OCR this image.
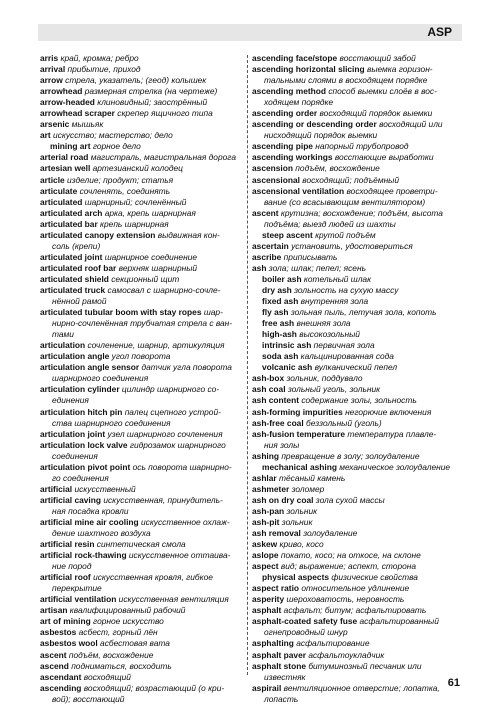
ASP
arris край, кромка; ребро
arrival прибытие, приход
arrow стрела, указатель; (геод) колышек
arrowhead размерная стрелка (на чертеже)
arrow-headed клиновидный; заострённый
arrowhead scraper скрепер ящичного типа
arsenic мышьяк
art искусство; мастерство; дело
mining art горное дело
arterial road магистраль, магистральная дорога
artesian well артезианский колодец
article изделие; продукт; статья
articulate сочленять, соединять
articulated шарнирный; сочленённый
articulated arch арка, крепь шарнирная
articulated bar крепь шарнирная
articulated canopy extension выдвижная кон-
соль (крепи)
articulated joint шарнирное соединение
articulated roof bar верхняк шарнирный
articulated shield секционный щит
articulated truck самосвал с шарнирно-сочле-
нённой рамой
articulated tubular boom with stay ropes шар-
нирно-сочленённая трубчатая стрела с ван-
тами
articulation сочленение, шарнир, артикуляция
articulation angle угол поворота
articulation angle sensor датчик угла поворота
шарнирного соединения
articulation cylinder цилиндр шарнирного со-
единения
articulation hitch pin палец сцепного устрой-
ства шарнирного соединения
articulation joint узел шарнирного сочленения
articulation lock valve гидрозамок шарнирного
соединения
articulation pivot point ось поворота шарнирно-
го соединения
artificial искусственный
artificial caving искусственная, принудитель-
ная посадка кровли
artificial mine air cooling искусственное охлаж-
дение шахтного воздуха
artificial resin синтетическая смола
artificial rock-thawing искусственное оттаива-
ние пород
artificial roof искусственная кровля, гибкое
перекрытие
artificial ventilation искусственная вентиляция
artisan квалифицированный рабочий
art of mining горное искусство
asbestos асбест, горный лён
asbestos wool асбестовая вата
ascent подъём, восхождение
ascend подниматься, восходить
ascendant восходящий
ascending восходящий; возрастающий (о кри-
вой); восстающий
ascending face/stope восстающий забой
ascending horizontal slicing выемка горизон-
тальными слоями в восходящем порядке
ascending method способ выемки слоёв в вос-
ходящем порядке
ascending order восходящий порядок выемки
ascending or descending order восходящий или
нисходящий порядок выемки
ascending pipe напорный трубопровод
ascending workings восстающие выработки
ascension подъём, восхождение
ascensional восходящий; подъёмный
ascensional ventilation восходящее проветри-
вание (со всасывающим вентилятором)
ascent крутизна; восхождение; подъём, высота
подъёма; выезд людей из шахты
steep ascent крутой подъём
ascertain установить, удостовериться
ascribe приписывать
ash зола; шлак; пепел; ясень
boiler ash котельный шлак
dry ash зольность на сухую массу
fixed ash внутренняя зола
fly ash зольная пыль, летучая зола, копоть
free ash внешняя зола
high-ash высокозольный
intrinsic ash первичная зола
soda ash кальцинированная сода
volcanic ash вулканический пепел
ash-box зольник, поддувало
ash coal зольный уголь, зольник
ash content содержание золы, зольность
ash-forming impurities негорючие включения
ash-free coal беззольный (уголь)
ash-fusion temperature температура плавле-
ния золы
ashing превращение в золу; золоудаление
mechanical ashing механическое золоудаление
ashlar тёсаный камень
ashmeter золомер
ash on dry coal зола сухой массы
ash-pan зольник
ash-pit зольник
ash removal золоудаление
askew криво, косо
aslope покато, косо; на откосе, на склоне
aspect вид; выражение; аспект, сторона
physical aspects физические свойства
aspect ratio относительное удлинение
asperity шероховатость, неровность
asphalt асфальт; битум; асфальтировать
asphalt-coated safety fuse асфальтированный
огнепроводный шнур
asphalting асфальтирование
asphalt paver асфальтоукладчик
asphalt stone битуминозный песчаник или
известняк
aspirail вентиляционное отверстие; лопатка,
лопасть
61
